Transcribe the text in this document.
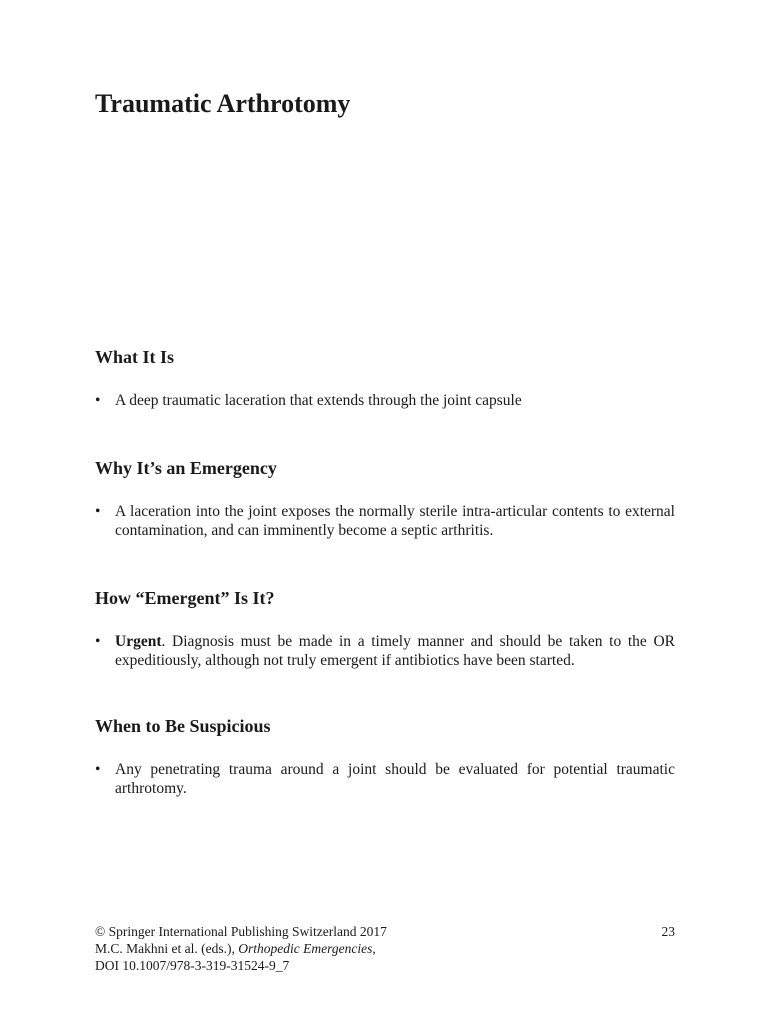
Traumatic Arthrotomy
What It Is
• A deep traumatic laceration that extends through the joint capsule
Why It’s an Emergency
• A laceration into the joint exposes the normally sterile intra-articular contents to external contamination, and can imminently become a septic arthritis.
How “Emergent” Is It?
• Urgent. Diagnosis must be made in a timely manner and should be taken to the OR expeditiously, although not truly emergent if antibiotics have been started.
When to Be Suspicious
• Any penetrating trauma around a joint should be evaluated for potential traumatic arthrotomy.
© Springer International Publishing Switzerland 2017
M.C. Makhni et al. (eds.), Orthopedic Emergencies,
DOI 10.1007/978-3-319-31524-9_7
23
